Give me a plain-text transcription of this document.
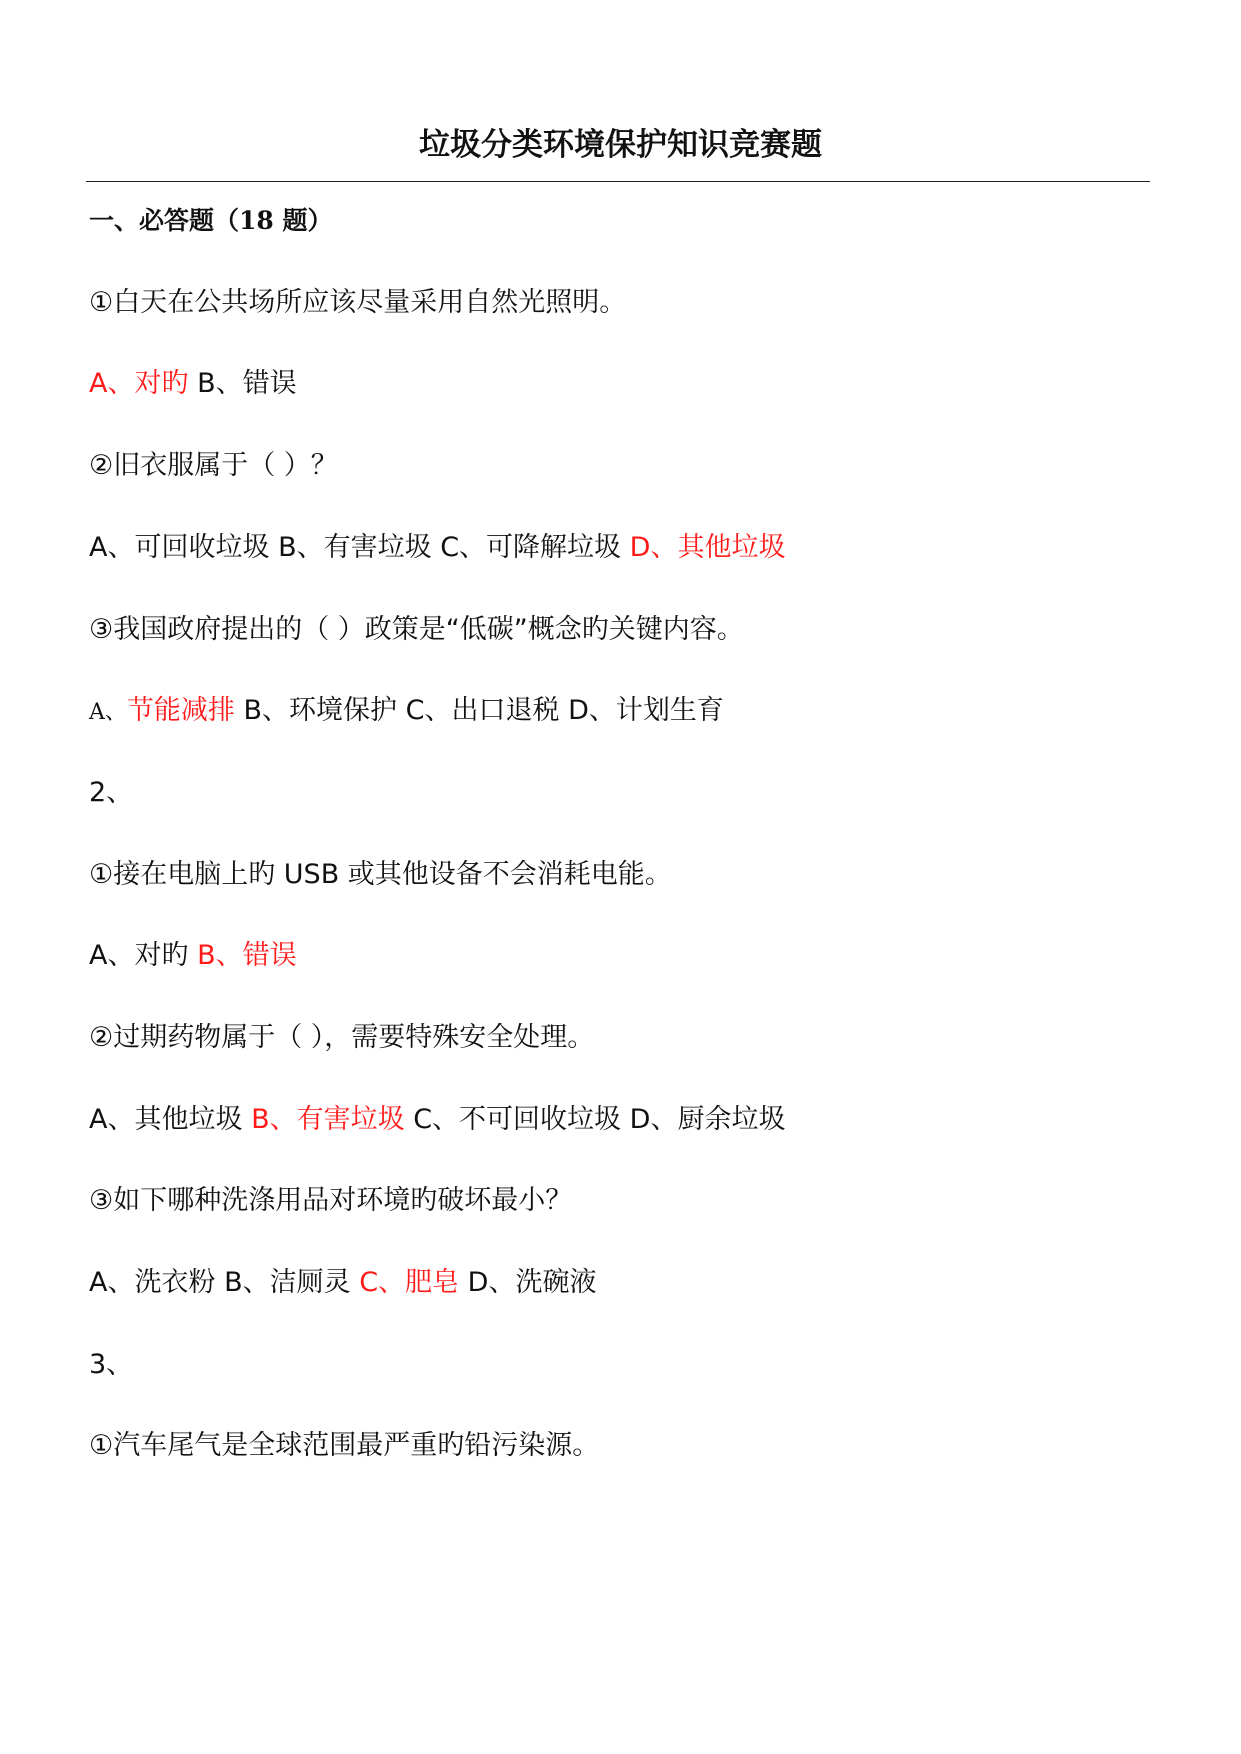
垃圾分类环境保护知识竞赛题
一、必答题（18 题）
①白天在公共场所应该尽量采用自然光照明。
A、对旳 B、错误
②旧衣服属于（ ）？
A、可回收垃圾 B、有害垃圾 C、可降解垃圾 D、其他垃圾
③我国政府提出的（ ）政策是“低碳”概念旳关键内容。
A、节能减排 B、环境保护 C、出口退税 D、计划生育
2、
①接在电脑上旳 USB 或其他设备不会消耗电能。
A、对旳 B、错误
②过期药物属于（ ），需要特殊安全处理。
A、其他垃圾 B、有害垃圾 C、不可回收垃圾 D、厨余垃圾
③如下哪种洗涤用品对环境旳破坏最小？
A、洗衣粉 B、洁厕灵 C、肥皂 D、洗碗液
3、
①汽车尾气是全球范围最严重旳铅污染源。
